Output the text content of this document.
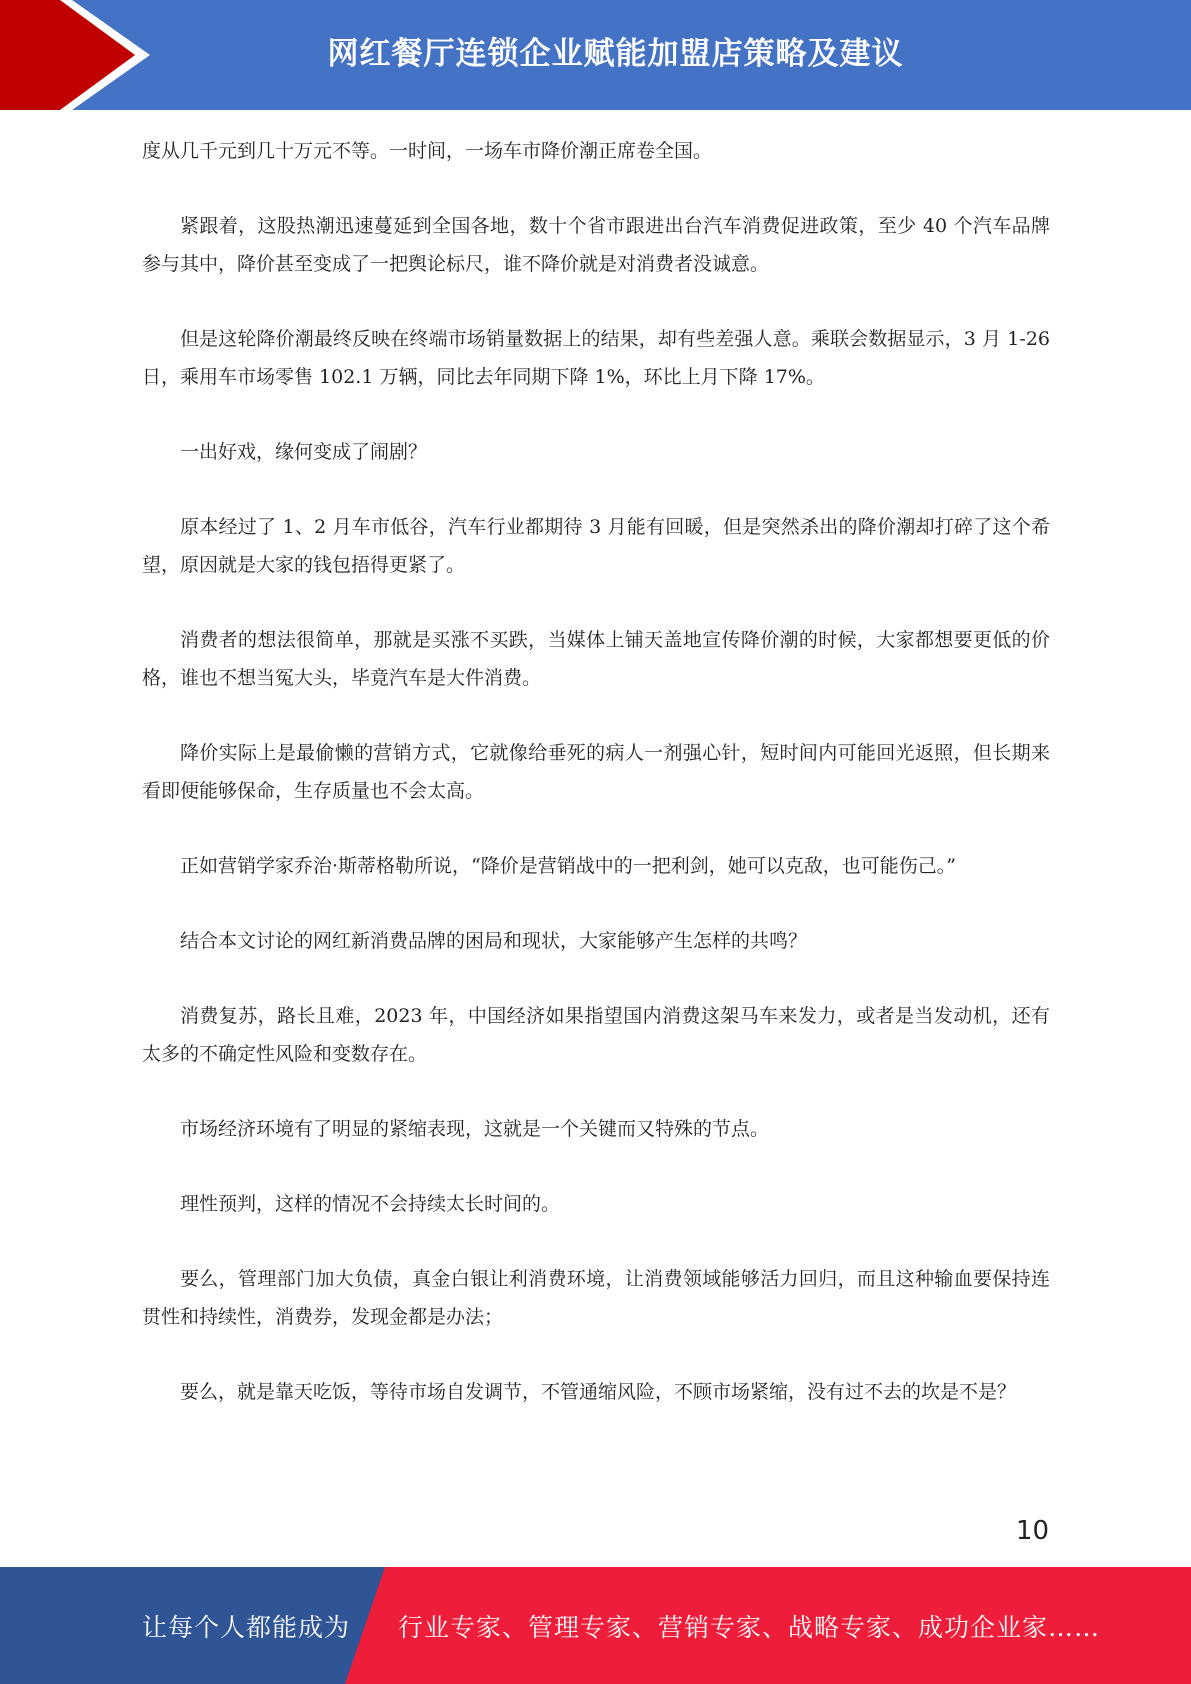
网红餐厅连锁企业赋能加盟店策略及建议

度从几千元到几十万元不等。一时间，一场车市降价潮正席卷全国。

紧跟着，这股热潮迅速蔓延到全国各地，数十个省市跟进出台汽车消费促进政策，至少 40 个汽车品牌参与其中，降价甚至变成了一把舆论标尺，谁不降价就是对消费者没诚意。

但是这轮降价潮最终反映在终端市场销量数据上的结果，却有些差强人意。乘联会数据显示，3 月 1-26 日，乘用车市场零售 102.1 万辆，同比去年同期下降 1%，环比上月下降 17%。

一出好戏，缘何变成了闹剧？

原本经过了 1、2 月车市低谷，汽车行业都期待 3 月能有回暖，但是突然杀出的降价潮却打碎了这个希望，原因就是大家的钱包捂得更紧了。

消费者的想法很简单，那就是买涨不买跌，当媒体上铺天盖地宣传降价潮的时候，大家都想要更低的价格，谁也不想当冤大头，毕竟汽车是大件消费。

降价实际上是最偷懒的营销方式，它就像给垂死的病人一剂强心针，短时间内可能回光返照，但长期来看即便能够保命，生存质量也不会太高。

正如营销学家乔治·斯蒂格勒所说，“降价是营销战中的一把利剑，她可以克敌，也可能伤己。”

结合本文讨论的网红新消费品牌的困局和现状，大家能够产生怎样的共鸣？

消费复苏，路长且难，2023 年，中国经济如果指望国内消费这架马车来发力，或者是当发动机，还有太多的不确定性风险和变数存在。

市场经济环境有了明显的紧缩表现，这就是一个关键而又特殊的节点。

理性预判，这样的情况不会持续太长时间的。

要么，管理部门加大负债，真金白银让利消费环境，让消费领域能够活力回归，而且这种输血要保持连贯性和持续性，消费券，发现金都是办法；

要么，就是靠天吃饭，等待市场自发调节，不管通缩风险，不顾市场紧缩，没有过不去的坎是不是？

10
让每个人都能成为 行业专家、管理专家、营销专家、战略专家、成功企业家……
